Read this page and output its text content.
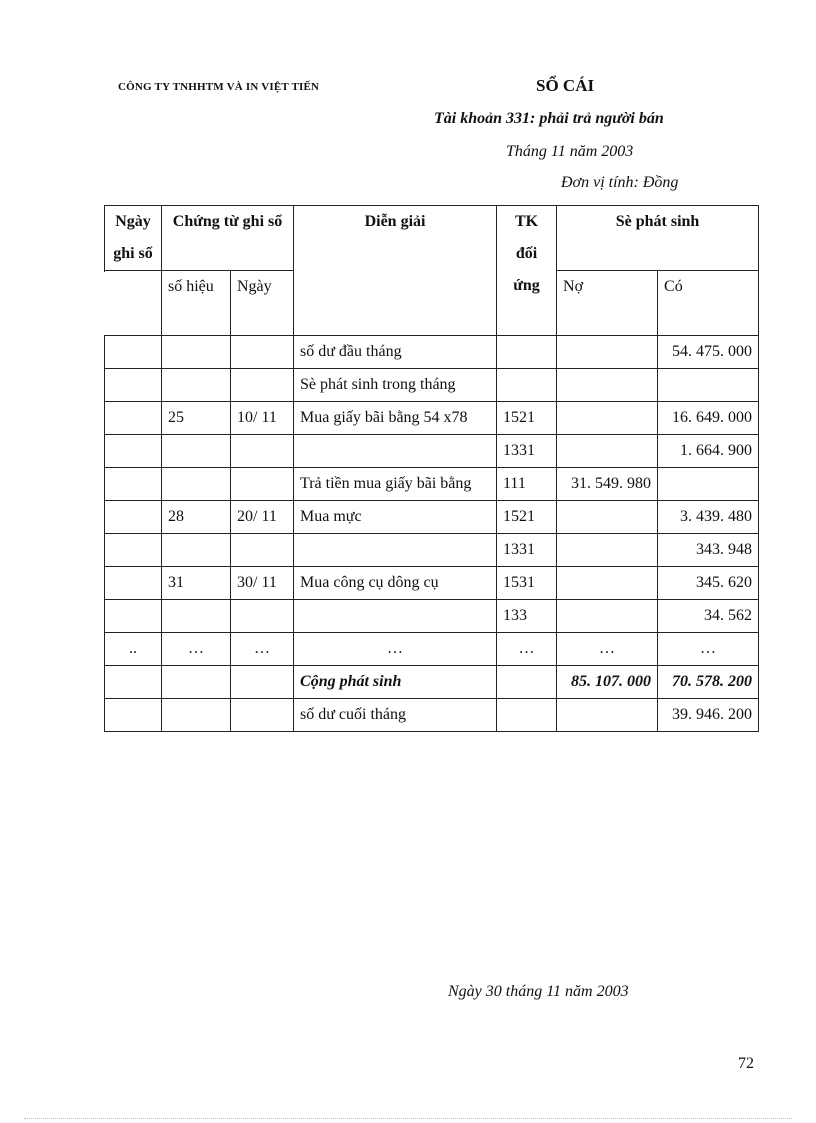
CÔNG TY TNHHTM VÀ IN VIỆT TIẾN	SỔ CÁI
Tài khoản 331: phải trả người bán
Tháng 11 năm 2003
Đơn vị tính: Đồng
Ngày ghi sổ	Chứng từ ghi sổ		Diễn giải	TK đối ứng	Sè phát sinh	
	số hiệu	Ngày			Nợ	Có

			số dư đầu tháng			54. 475. 000
			Sè phát sinh trong tháng			
	25	10/ 11	Mua giấy bãi bằng 54 x78	1521		16. 649. 000
				1331		1. 664. 900
			Trả tiền mua giấy bãi bằng	111	31. 549. 980	
	28	20/ 11	Mua mực	1521		3. 439. 480
				1331		343. 948
	31	30/ 11	Mua công cụ dông cụ	1531		345. 620
				133		34. 562
..	…	…	…	…	…	…
			Cộng phát sinh		85. 107. 000	70. 578. 200
			số dư cuối tháng			39. 946. 200
Ngày 30 tháng 11 năm 2003
72
